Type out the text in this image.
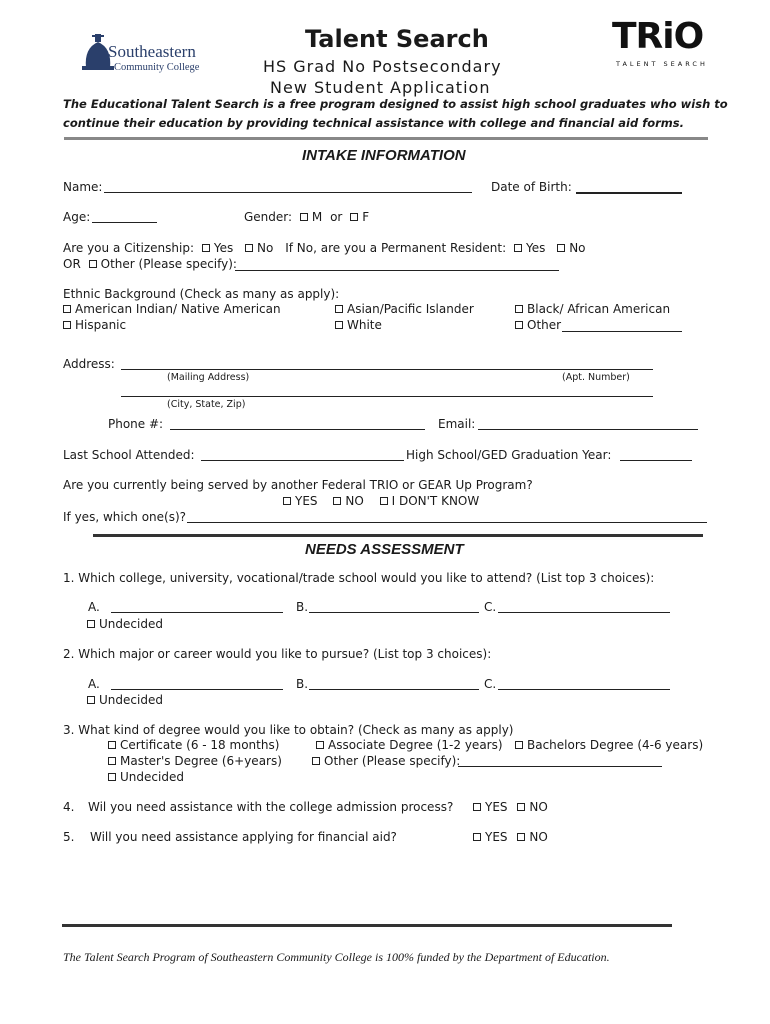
Southeastern
Community College
Talent Search
HS Grad No Postsecondary
New Student Application
TRiO
TALENT SEARCH
The Educational Talent Search is a free program designed to assist high school graduates who wish to
continue their education by providing technical assistance with college and financial aid forms.
INTAKE INFORMATION
Name:	Date of Birth:
Age:	Gender: M or F
Are you a Citizenship: Yes No If No, are you a Permanent Resident: Yes No
OR Other (Please specify):
Ethnic Background (Check as many as apply):
American Indian/ Native American	Asian/Pacific Islander	Black/ African American
Hispanic	White	Other
Address:
(Mailing Address)	(Apt. Number)
(City, State, Zip)
Phone #:	Email:
Last School Attended:	High School/GED Graduation Year:
Are you currently being served by another Federal TRIO or GEAR Up Program?
YES NO I DON'T KNOW
If yes, which one(s)?
NEEDS ASSESSMENT
1. Which college, university, vocational/trade school would you like to attend? (List top 3 choices):
A.	B.	C.
Undecided
2. Which major or career would you like to pursue? (List top 3 choices):
A.	B.	C.
Undecided
3. What kind of degree would you like to obtain? (Check as many as apply)
Certificate (6 - 18 months)	Associate Degree (1-2 years)	Bachelors Degree (4-6 years)
Master's Degree (6+years)	Other (Please specify):
Undecided
4. Wil you need assistance with the college admission process?	YES NO
5. Will you need assistance applying for financial aid?	YES NO
The Talent Search Program of Southeastern Community College is 100% funded by the Department of Education.
